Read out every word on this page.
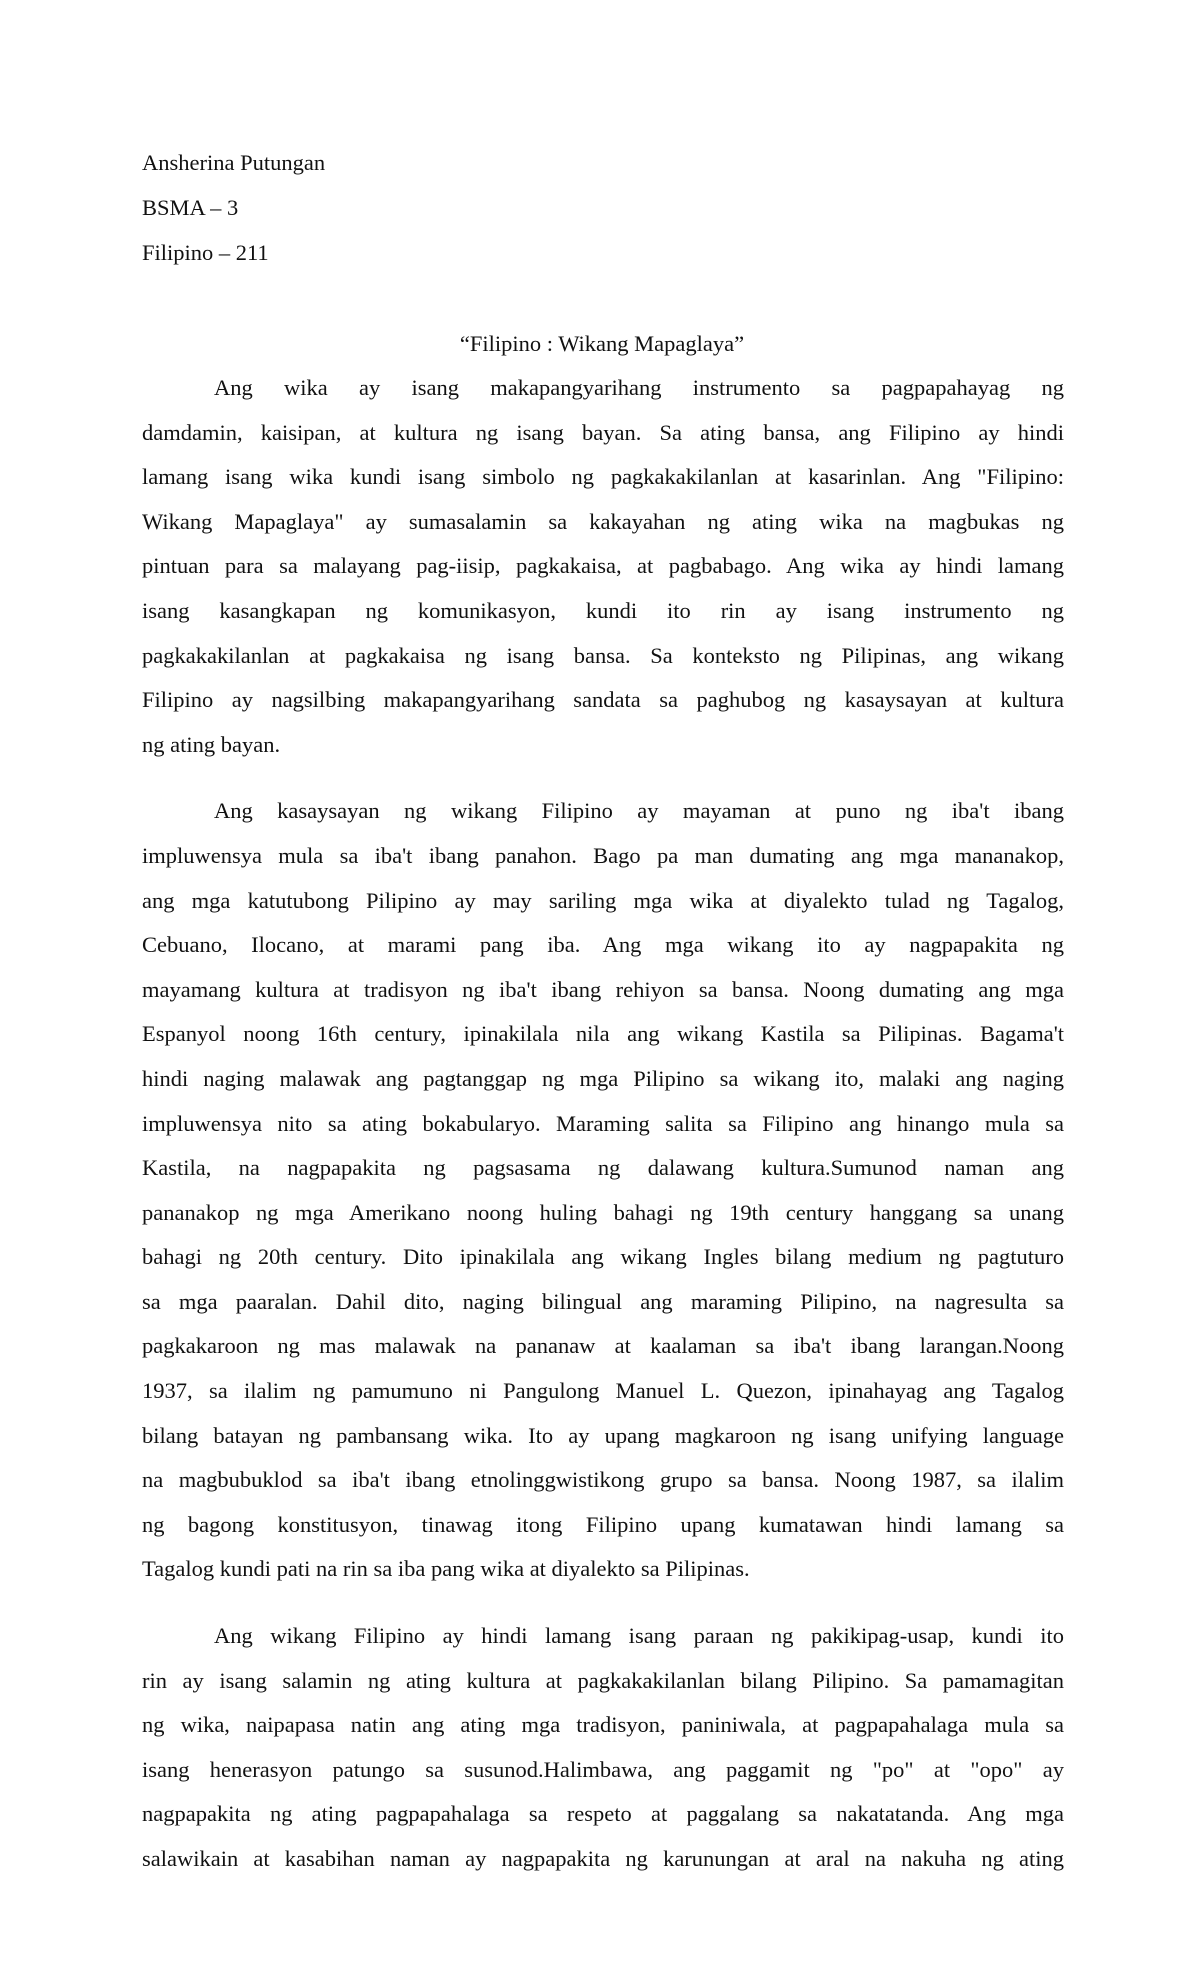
Ansherina Putungan
BSMA – 3
Filipino – 211
“Filipino : Wikang Mapaglaya”
Ang wika ay isang makapangyarihang instrumento sa pagpapahayag ng
damdamin, kaisipan, at kultura ng isang bayan. Sa ating bansa, ang Filipino ay hindi
lamang isang wika kundi isang simbolo ng pagkakakilanlan at kasarinlan. Ang "Filipino:
Wikang Mapaglaya" ay sumasalamin sa kakayahan ng ating wika na magbukas ng
pintuan para sa malayang pag-iisip, pagkakaisa, at pagbabago. Ang wika ay hindi lamang
isang kasangkapan ng komunikasyon, kundi ito rin ay isang instrumento ng
pagkakakilanlan at pagkakaisa ng isang bansa. Sa konteksto ng Pilipinas, ang wikang
Filipino ay nagsilbing makapangyarihang sandata sa paghubog ng kasaysayan at kultura
ng ating bayan.
Ang kasaysayan ng wikang Filipino ay mayaman at puno ng iba't ibang
impluwensya mula sa iba't ibang panahon. Bago pa man dumating ang mga mananakop,
ang mga katutubong Pilipino ay may sariling mga wika at diyalekto tulad ng Tagalog,
Cebuano, Ilocano, at marami pang iba. Ang mga wikang ito ay nagpapakita ng
mayamang kultura at tradisyon ng iba't ibang rehiyon sa bansa. Noong dumating ang mga
Espanyol noong 16th century, ipinakilala nila ang wikang Kastila sa Pilipinas. Bagama't
hindi naging malawak ang pagtanggap ng mga Pilipino sa wikang ito, malaki ang naging
impluwensya nito sa ating bokabularyo. Maraming salita sa Filipino ang hinango mula sa
Kastila, na nagpapakita ng pagsasama ng dalawang kultura.Sumunod naman ang
pananakop ng mga Amerikano noong huling bahagi ng 19th century hanggang sa unang
bahagi ng 20th century. Dito ipinakilala ang wikang Ingles bilang medium ng pagtuturo
sa mga paaralan. Dahil dito, naging bilingual ang maraming Pilipino, na nagresulta sa
pagkakaroon ng mas malawak na pananaw at kaalaman sa iba't ibang larangan.Noong
1937, sa ilalim ng pamumuno ni Pangulong Manuel L. Quezon, ipinahayag ang Tagalog
bilang batayan ng pambansang wika. Ito ay upang magkaroon ng isang unifying language
na magbubuklod sa iba't ibang etnolinggwistikong grupo sa bansa. Noong 1987, sa ilalim
ng bagong konstitusyon, tinawag itong Filipino upang kumatawan hindi lamang sa
Tagalog kundi pati na rin sa iba pang wika at diyalekto sa Pilipinas.
Ang wikang Filipino ay hindi lamang isang paraan ng pakikipag-usap, kundi ito
rin ay isang salamin ng ating kultura at pagkakakilanlan bilang Pilipino. Sa pamamagitan
ng wika, naipapasa natin ang ating mga tradisyon, paniniwala, at pagpapahalaga mula sa
isang henerasyon patungo sa susunod.Halimbawa, ang paggamit ng "po" at "opo" ay
nagpapakita ng ating pagpapahalaga sa respeto at paggalang sa nakatatanda. Ang mga
salawikain at kasabihan naman ay nagpapakita ng karunungan at aral na nakuha ng ating
